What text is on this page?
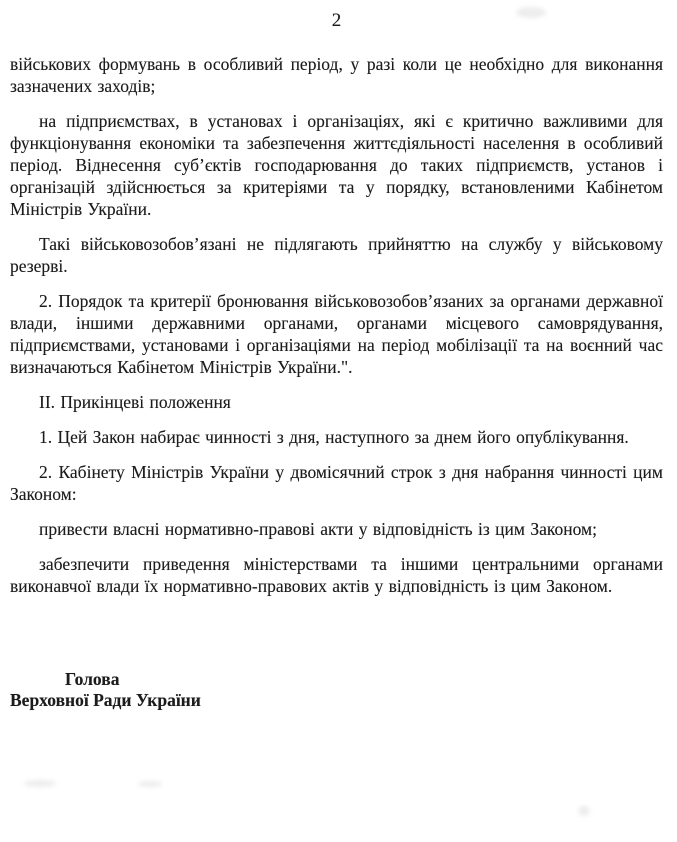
2

військових формувань в особливий період, у разі коли це необхідно для виконання зазначених заходів;

на підприємствах, в установах і організаціях, які є критично важливими для функціонування економіки та забезпечення життєдіяльності населення в особливий період. Віднесення суб’єктів господарювання до таких підприємств, установ і організацій здійснюється за критеріями та у порядку, встановленими Кабінетом Міністрів України.

Такі військовозобов’язані не підлягають прийняттю на службу у військовому резерві.

2. Порядок та критерії бронювання військовозобов’язаних за органами державної влади, іншими державними органами, органами місцевого самоврядування, підприємствами, установами і організаціями на період мобілізації та на воєнний час визначаються Кабінетом Міністрів України.".

II. Прикінцеві положення

1. Цей Закон набирає чинності з дня, наступного за днем його опублікування.

2. Кабінету Міністрів України у двомісячний строк з дня набрання чинності цим Законом:

привести власні нормативно-правові акти у відповідність із цим Законом;

забезпечити приведення міністерствами та іншими центральними органами виконавчої влади їх нормативно-правових актів у відповідність із цим Законом.

Голова
Верховної Ради України
